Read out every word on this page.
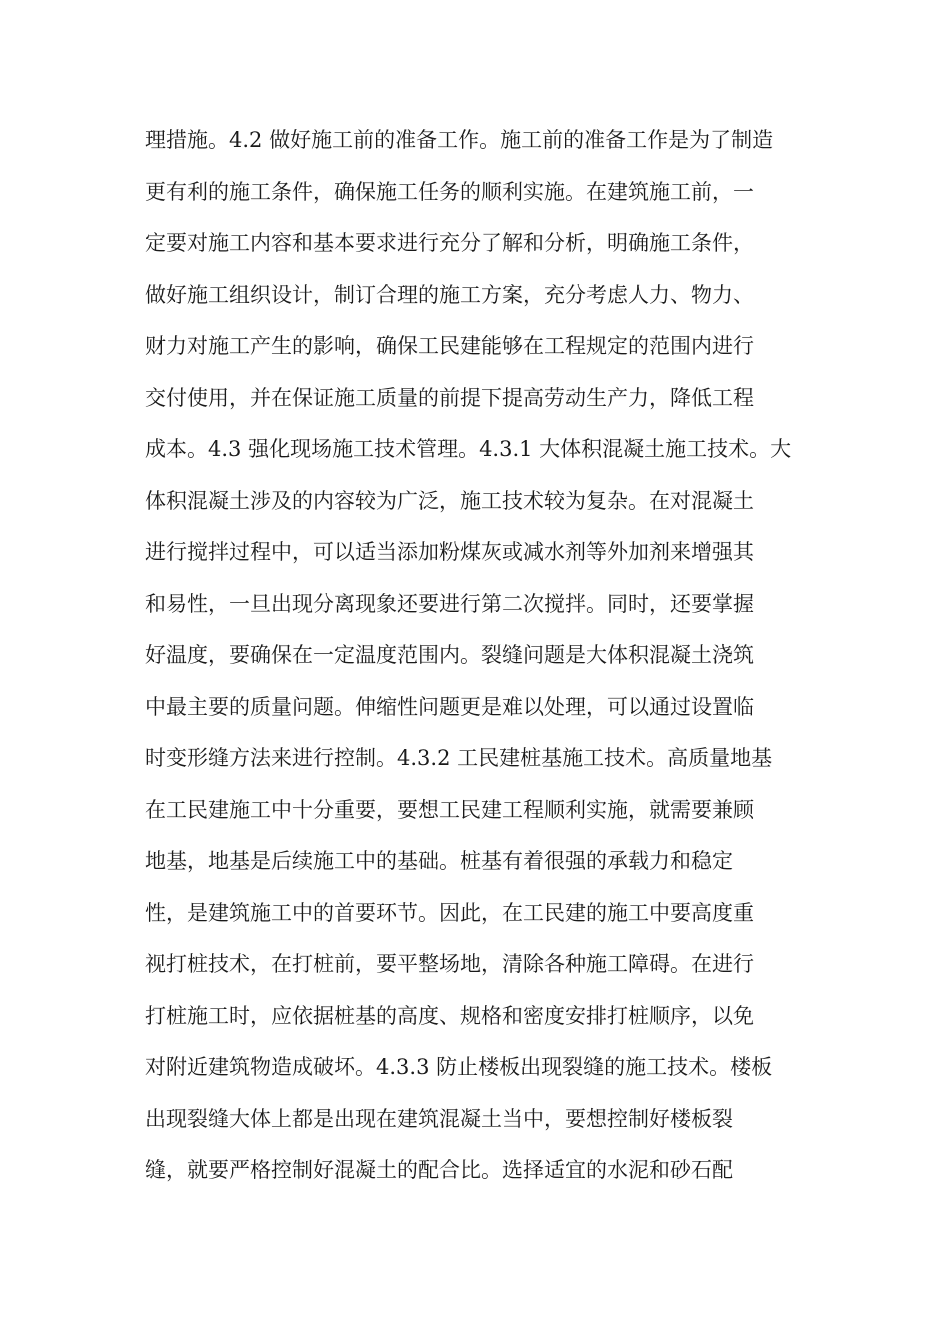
理措施。4.2 做好施工前的准备工作。施工前的准备工作是为了制造
更有利的施工条件，确保施工任务的顺利实施。在建筑施工前，一
定要对施工内容和基本要求进行充分了解和分析，明确施工条件，
做好施工组织设计，制订合理的施工方案，充分考虑人力、物力、
财力对施工产生的影响，确保工民建能够在工程规定的范围内进行
交付使用，并在保证施工质量的前提下提高劳动生产力，降低工程
成本。4.3 强化现场施工技术管理。4.3.1 大体积混凝土施工技术。大
体积混凝土涉及的内容较为广泛，施工技术较为复杂。在对混凝土
进行搅拌过程中，可以适当添加粉煤灰或减水剂等外加剂来增强其
和易性，一旦出现分离现象还要进行第二次搅拌。同时，还要掌握
好温度，要确保在一定温度范围内。裂缝问题是大体积混凝土浇筑
中最主要的质量问题。伸缩性问题更是难以处理，可以通过设置临
时变形缝方法来进行控制。4.3.2 工民建桩基施工技术。高质量地基
在工民建施工中十分重要，要想工民建工程顺利实施，就需要兼顾
地基，地基是后续施工中的基础。桩基有着很强的承载力和稳定
性，是建筑施工中的首要环节。因此，在工民建的施工中要高度重
视打桩技术，在打桩前，要平整场地，清除各种施工障碍。在进行
打桩施工时，应依据桩基的高度、规格和密度安排打桩顺序，以免
对附近建筑物造成破坏。4.3.3 防止楼板出现裂缝的施工技术。楼板
出现裂缝大体上都是出现在建筑混凝土当中，要想控制好楼板裂
缝，就要严格控制好混凝土的配合比。选择适宜的水泥和砂石配
